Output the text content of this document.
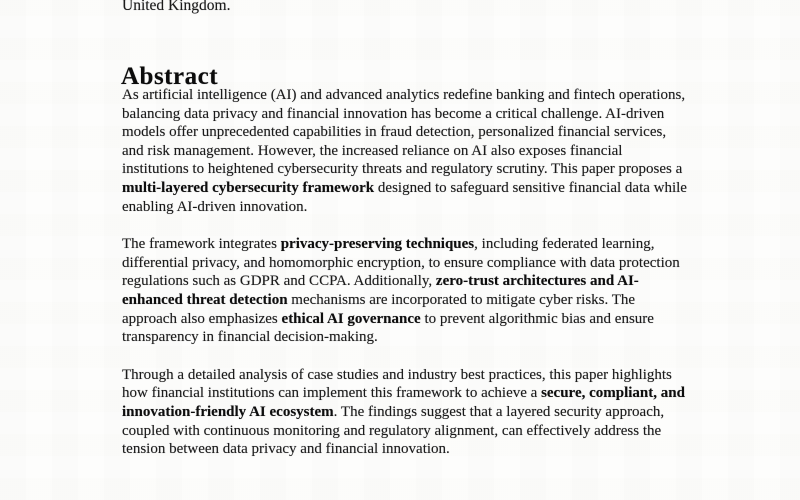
United Kingdom.
Abstract

As artificial intelligence (AI) and advanced analytics redefine banking and fintech operations, balancing data privacy and financial innovation has become a critical challenge. AI-driven models offer unprecedented capabilities in fraud detection, personalized financial services, and risk management. However, the increased reliance on AI also exposes financial institutions to heightened cybersecurity threats and regulatory scrutiny. This paper proposes a multi-layered cybersecurity framework designed to safeguard sensitive financial data while enabling AI-driven innovation.

The framework integrates privacy-preserving techniques, including federated learning, differential privacy, and homomorphic encryption, to ensure compliance with data protection regulations such as GDPR and CCPA. Additionally, zero-trust architectures and AI-enhanced threat detection mechanisms are incorporated to mitigate cyber risks. The approach also emphasizes ethical AI governance to prevent algorithmic bias and ensure transparency in financial decision-making.

Through a detailed analysis of case studies and industry best practices, this paper highlights how financial institutions can implement this framework to achieve a secure, compliant, and innovation-friendly AI ecosystem. The findings suggest that a layered security approach, coupled with continuous monitoring and regulatory alignment, can effectively address the tension between data privacy and financial innovation.
